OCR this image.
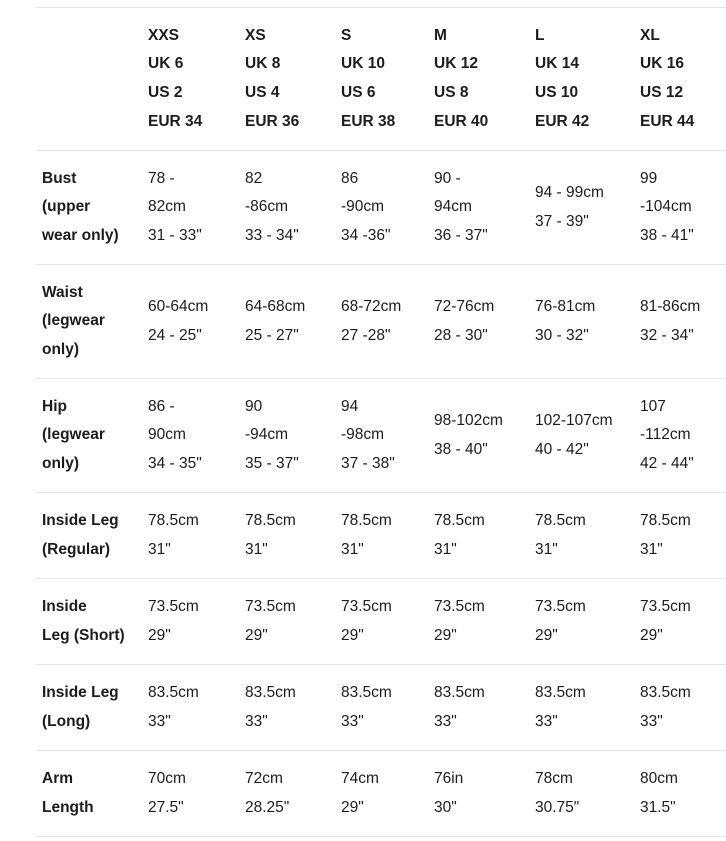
	XXS
UK 6
US 2
EUR 34	XS
UK 8
US 4
EUR 36	S
UK 10
US 6
EUR 38	M
UK 12
US 8
EUR 40	L
UK 14
US 10
EUR 42	XL
UK 16
US 12
EUR 44

Bust
(upper
wear only)	78 -
82cm
31 - 33"	82
-86cm
33 - 34"	86
-90cm
34 -36"	90 -
94cm
36 - 37"	94 - 99cm
37 - 39"	99
-104cm
38 - 41"

Waist
(legwear
only)	60-64cm
24 - 25"	64-68cm
25 - 27"	68-72cm
27 -28"	72-76cm
28 - 30"	76-81cm
30 - 32"	81-86cm
32 - 34"

Hip
(legwear
only)	86 -
90cm
34 - 35"	90
-94cm
35 - 37"	94
-98cm
37 - 38"	98-102cm
38 - 40"	102-107cm
40 - 42"	107
-112cm
42 - 44"

Inside Leg
(Regular)	78.5cm
31"	78.5cm
31"	78.5cm
31"	78.5cm
31"	78.5cm
31"	78.5cm
31"

Inside
Leg (Short)	73.5cm
29"	73.5cm
29"	73.5cm
29"	73.5cm
29"	73.5cm
29"	73.5cm
29"

Inside Leg
(Long)	83.5cm
33"	83.5cm
33"	83.5cm
33"	83.5cm
33"	83.5cm
33"	83.5cm
33"

Arm
Length	70cm
27.5"	72cm
28.25"	74cm
29"	76in
30"	78cm
30.75"	80cm
31.5"
